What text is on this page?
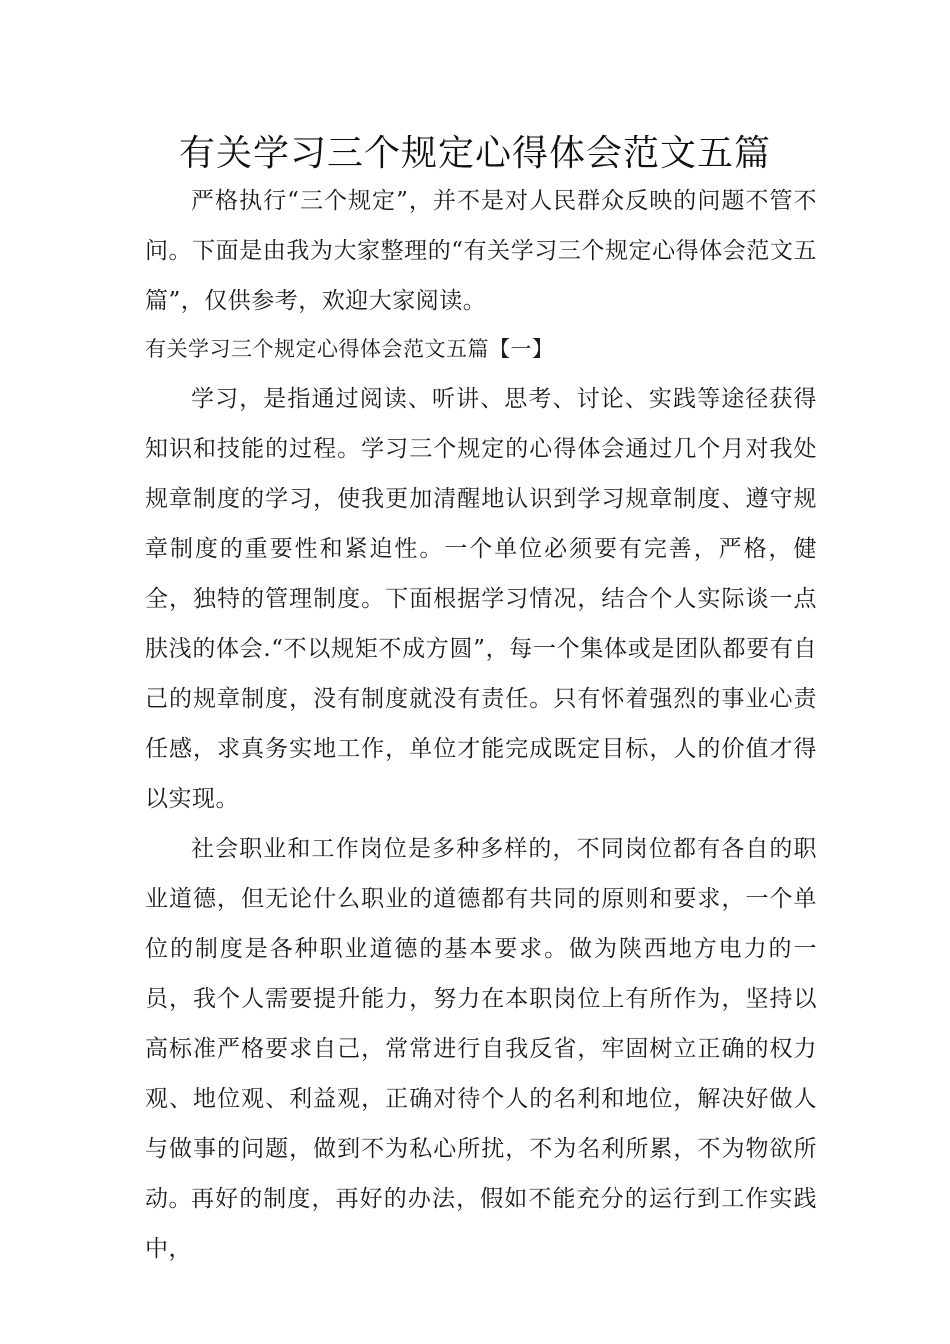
有关学习三个规定心得体会范文五篇

严格执行“三个规定”，并不是对人民群众反映的问题不管不问。下面是由我为大家整理的“有关学习三个规定心得体会范文五篇”，仅供参考，欢迎大家阅读。

有关学习三个规定心得体会范文五篇【一】

学习，是指通过阅读、听讲、思考、讨论、实践等途径获得知识和技能的过程。学习三个规定的心得体会通过几个月对我处规章制度的学习，使我更加清醒地认识到学习规章制度、遵守规章制度的重要性和紧迫性。一个单位必须要有完善，严格，健全，独特的管理制度。下面根据学习情况，结合个人实际谈一点肤浅的体会.“不以规矩不成方圆”，每一个集体或是团队都要有自己的规章制度，没有制度就没有责任。只有怀着强烈的事业心责任感，求真务实地工作，单位才能完成既定目标，人的价值才得以实现。

社会职业和工作岗位是多种多样的，不同岗位都有各自的职业道德，但无论什么职业的道德都有共同的原则和要求，一个单位的制度是各种职业道德的基本要求。做为陕西地方电力的一员，我个人需要提升能力，努力在本职岗位上有所作为，坚持以高标准严格要求自己，常常进行自我反省，牢固树立正确的权力观、地位观、利益观，正确对待个人的名利和地位，解决好做人与做事的问题，做到不为私心所扰，不为名利所累，不为物欲所动。 再好的制度，再好的办法，假如不能充分的运行到工作实践中，
